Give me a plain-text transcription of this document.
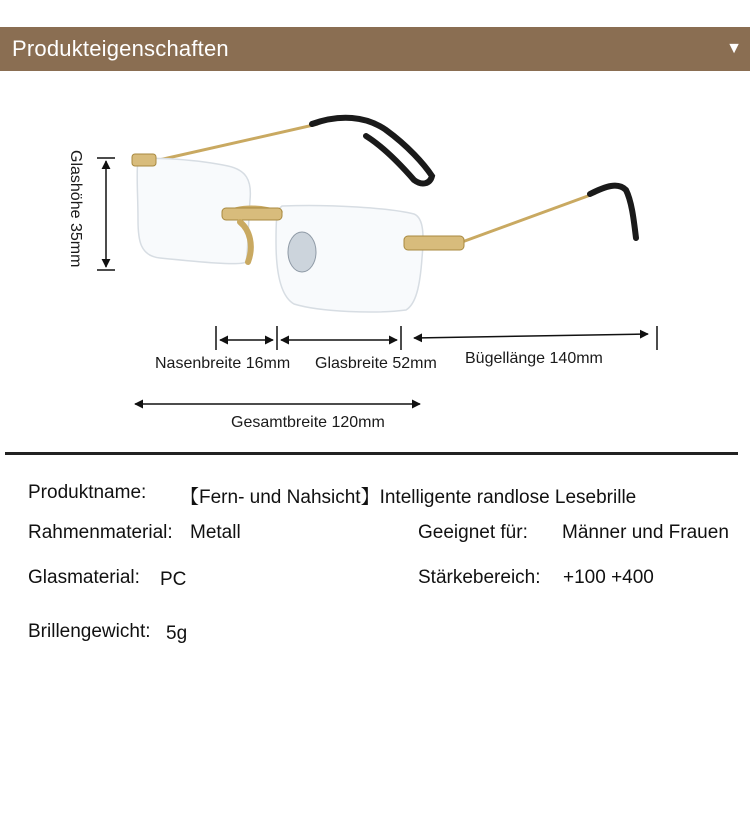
Produkteigenschaften	▼
Glashöhe 35mm
Nasenbreite 16mm Glasbreite 52mm Bügellänge 140mm
Gesamtbreite 120mm
Produktname: 【Fern- und Nahsicht】Intelligente randlose Lesebrille
Rahmenmaterial: Metall	Geeignet für: Männer und Frauen
Glasmaterial: PC	Stärkebereich: +100 +400
Brillengewicht: 5g
